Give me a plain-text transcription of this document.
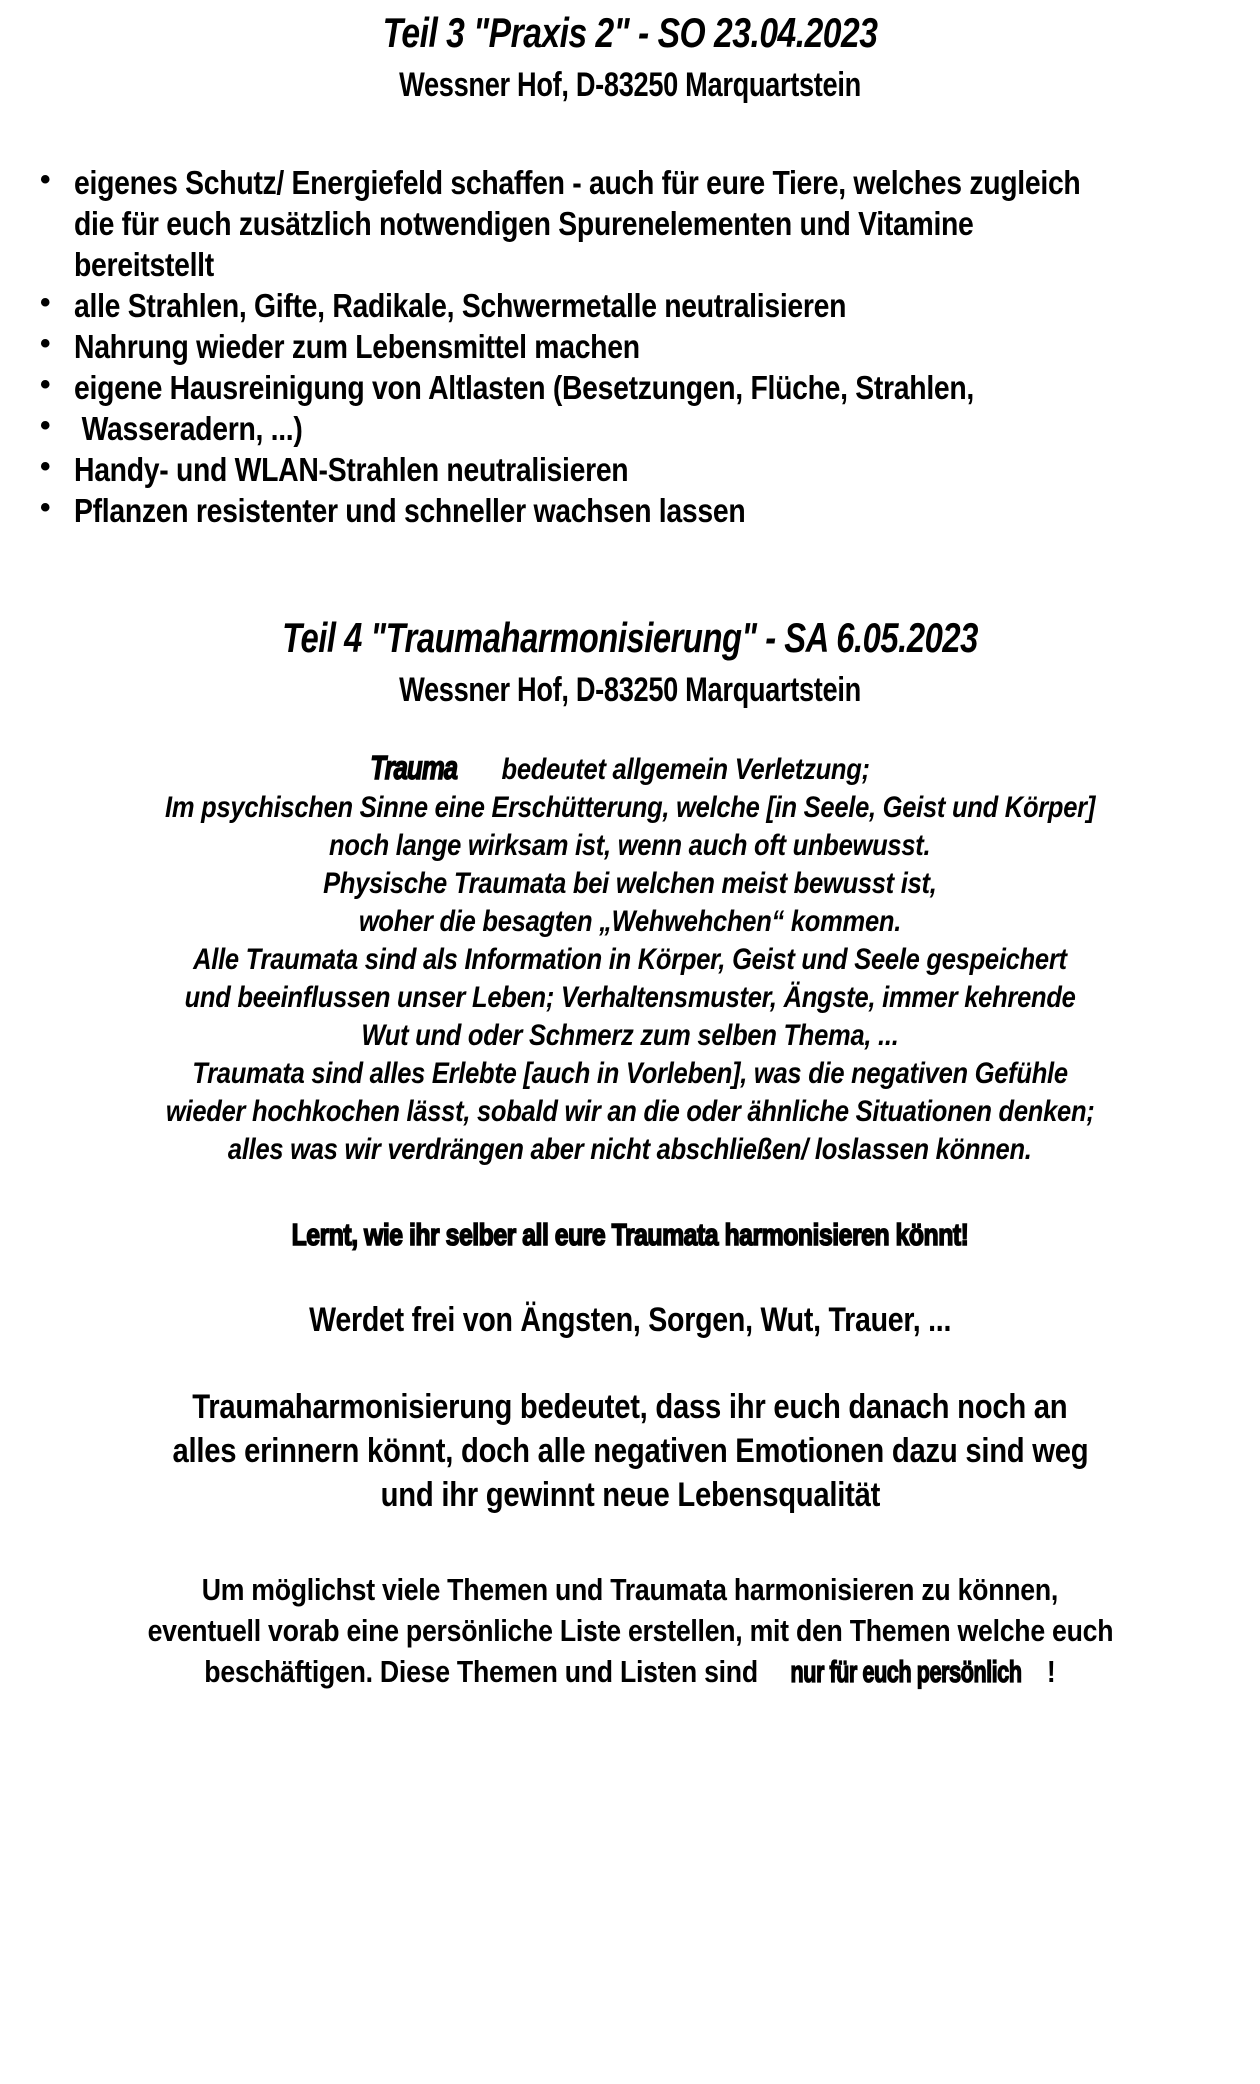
Teil 3 "Praxis 2" - SO 23.04.2023
Wessner Hof, D-83250 Marquartstein
• eigenes Schutz/ Energiefeld schaffen - auch für eure Tiere, welches zugleich die für euch zusätzlich notwendigen Spurenelementen und Vitamine bereitstellt
• alle Strahlen, Gifte, Radikale, Schwermetalle neutralisieren
• Nahrung wieder zum Lebensmittel machen
• eigene Hausreinigung von Altlasten (Besetzungen, Flüche, Strahlen,
•  Wasseradern, ...)
• Handy- und WLAN-Strahlen neutralisieren
• Pflanzen resistenter und schneller wachsen lassen
Teil 4 "Traumaharmonisierung" - SA 6.05.2023
Wessner Hof, D-83250 Marquartstein
Traumabedeutet allgemein Verletzung;
Im psychischen Sinne eine Erschütterung, welche [in Seele, Geist und Körper]
noch lange wirksam ist, wenn auch oft unbewusst.
Physische Traumata bei welchen meist bewusst ist,
woher die besagten „Wehwehchen“ kommen.
Alle Traumata sind als Information in Körper, Geist und Seele gespeichert
und beeinflussen unser Leben; Verhaltensmuster, Ängste, immer kehrende
Wut und oder Schmerz zum selben Thema, ...
Traumata sind alles Erlebte [auch in Vorleben], was die negativen Gefühle
wieder hochkochen lässt, sobald wir an die oder ähnliche Situationen denken;
alles was wir verdrängen aber nicht abschließen/ loslassen können.
Lernt, wie ihr selber all eure Traumata harmonisieren könnt!
Werdet frei von Ängsten, Sorgen, Wut, Trauer, ...
Traumaharmonisierung bedeutet, dass ihr euch danach noch an
alles erinnern könnt, doch alle negativen Emotionen dazu sind weg
und ihr gewinnt neue Lebensqualität
Um möglichst viele Themen und Traumata harmonisieren zu können,
eventuell vorab eine persönliche Liste erstellen, mit den Themen welche euch
beschäftigen. Diese Themen und Listen sind nur für euch persönlich !
